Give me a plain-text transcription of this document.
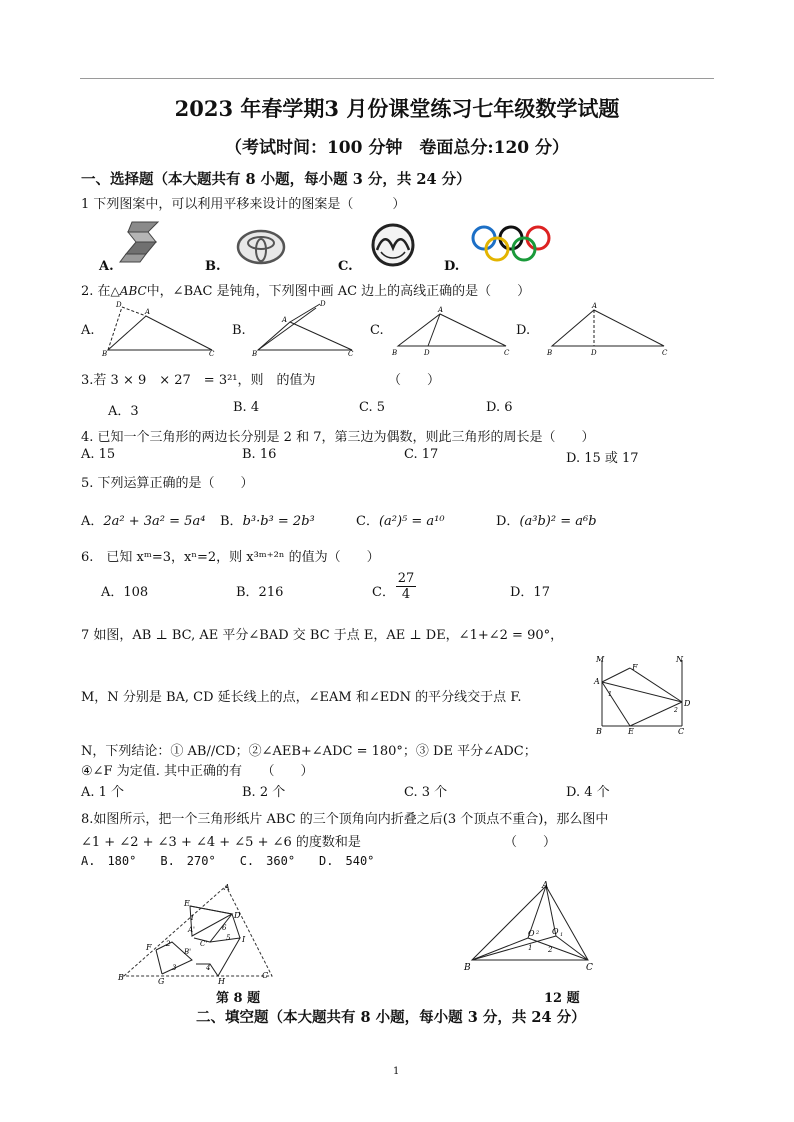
2023 年春学期3 月份课堂练习七年级数学试题
（考试时间：100 分钟　卷面总分:120 分）
一、选择题（本大题共有 8 小题，每小题 3 分，共 24 分）
1 下列图案中，可以利用平移来设计的图案是（　　　）
A.	B.	C.	D.
2. 在△ABC中，∠BAC 是钝角，下列图中画 AC 边上的高线正确的是（　　）
A.
B
A
C
D
B.
B
A
C
D
C.
B
A
C
D
D.
B
A
C
D
3.若 3 × 9　× 27　= 3²¹，则　的值为	（　　）
A．3	B. 4	C. 5	D. 6
4. 已知一个三角形的两边长分别是 2 和 7，第三边为偶数，则此三角形的周长是（　　）
A. 15	B. 16	C. 17	D. 15 或 17
5. 下列运算正确的是（　　）
A．2a² + 3a² = 5a⁴ B．b³·b³ = 2b³	C．(a²)⁵ = a¹⁰	D．(a³b)² = a⁶b
6.　已知 xᵐ=3，xⁿ=2，则 x³ᵐ⁺²ⁿ 的值为（　　）
A．108	B．216	C．
27
4	D．17
7 如图，AB ⊥ BC, AE 平分∠BAD 交 BC 于点 E，AE ⊥ DE，∠1+∠2 = 90°，
M，N 分别是 BA, CD 延长线上的点，∠EAM 和∠EDN 的平分线交于点 F.
N，下列结论：① AB//CD；②∠AEB+∠ADC = 180°；③ DE 平分∠ADC；
④∠F 为定值. 其中正确的有　　（　　）
A. 1 个	B. 2 个	C. 3 个	D. 4 个
M	N
F
A
D
B	E	C
1
2
8.如图所示，把一个三角形纸片 ABC 的三个顶角向内折叠之后(3 个顶点不重合)，那么图中
∠1 + ∠2 + ∠3 + ∠4 + ∠5 + ∠6 的度数和是	（　　）
A.　180°　　B.　270°　　C.　360°　　D.　540°
A
E
D
1
6
A'
5 I
F 2
B'
C'
B
3	4
G	H
C
第 8 题
A
O 2 O 1
1 2
B	C
12 题
二、填空题（本大题共有 8 小题，每小题 3 分，共 24 分）
1
